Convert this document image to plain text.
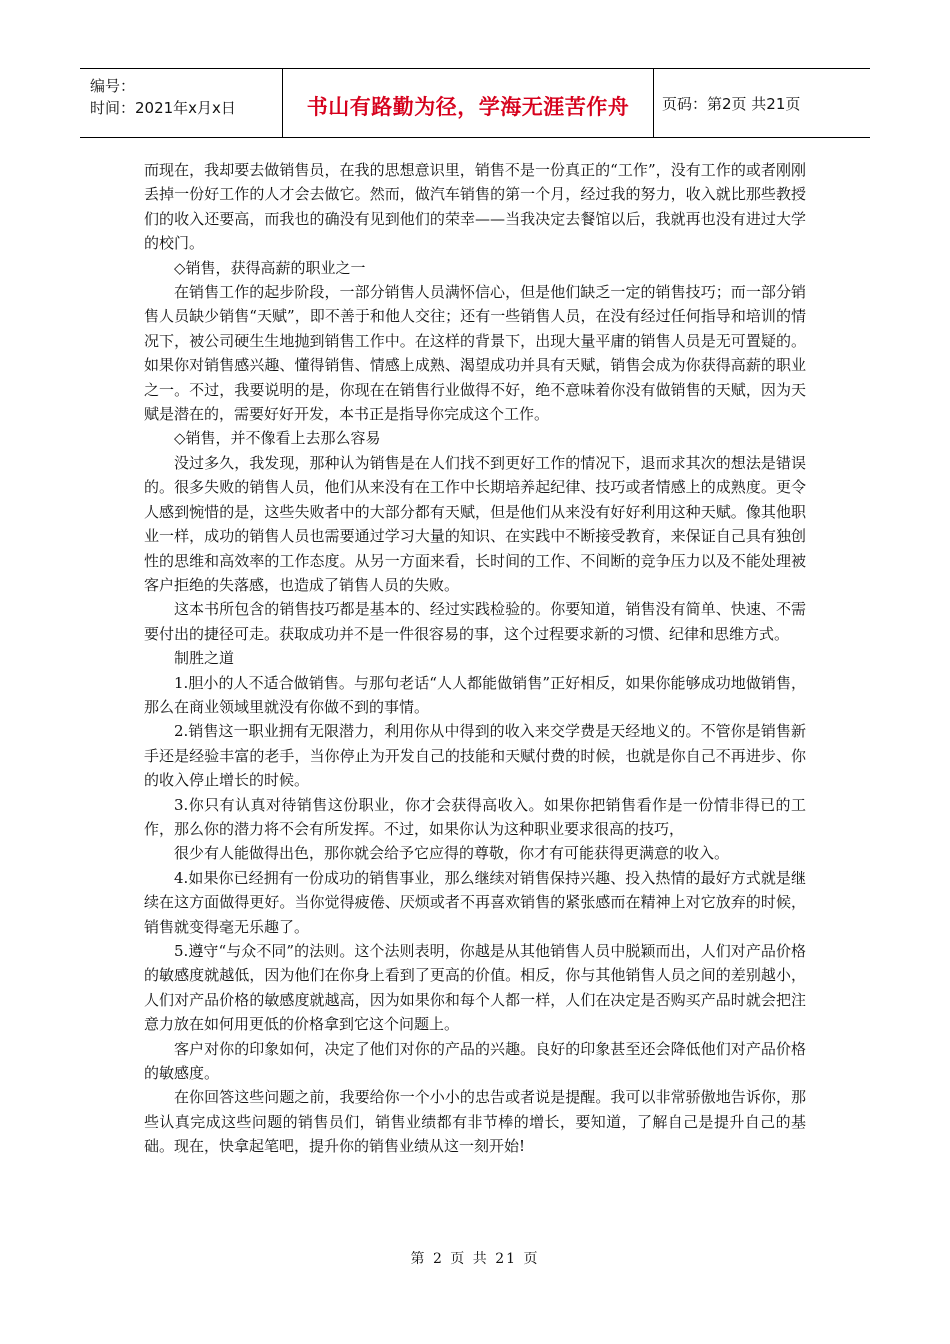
编号：
时间：2021年x月x日	书山有路勤为径，学海无涯苦作舟	页码：第2页 共21页

而现在，我却要去做销售员，在我的思想意识里，销售不是一份真正的“工作”，没有工作的或者刚刚丢掉一份好工作的人才会去做它。然而，做汽车销售的第一个月，经过我的努力，收入就比那些教授们的收入还要高，而我也的确没有见到他们的荣幸——当我决定去餐馆以后，我就再也没有进过大学的校门。

◇销售，获得高薪的职业之一

在销售工作的起步阶段，一部分销售人员满怀信心，但是他们缺乏一定的销售技巧；而一部分销售人员缺少销售“天赋”，即不善于和他人交往；还有一些销售人员，在没有经过任何指导和培训的情况下，被公司硬生生地抛到销售工作中。在这样的背景下，出现大量平庸的销售人员是无可置疑的。如果你对销售感兴趣、懂得销售、情感上成熟、渴望成功并具有天赋，销售会成为你获得高薪的职业之一。不过，我要说明的是，你现在在销售行业做得不好，绝不意味着你没有做销售的天赋，因为天赋是潜在的，需要好好开发，本书正是指导你完成这个工作。

◇销售，并不像看上去那么容易

没过多久，我发现，那种认为销售是在人们找不到更好工作的情况下，退而求其次的想法是错误的。很多失败的销售人员，他们从来没有在工作中长期培养起纪律、技巧或者情感上的成熟度。更令人感到惋惜的是，这些失败者中的大部分都有天赋，但是他们从来没有好好利用这种天赋。像其他职业一样，成功的销售人员也需要通过学习大量的知识、在实践中不断接受教育，来保证自己具有独创性的思维和高效率的工作态度。从另一方面来看，长时间的工作、不间断的竞争压力以及不能处理被客户拒绝的失落感，也造成了销售人员的失败。

这本书所包含的销售技巧都是基本的、经过实践检验的。你要知道，销售没有简单、快速、不需要付出的捷径可走。获取成功并不是一件很容易的事，这个过程要求新的习惯、纪律和思维方式。

制胜之道

1.胆小的人不适合做销售。与那句老话“人人都能做销售”正好相反，如果你能够成功地做销售，那么在商业领域里就没有你做不到的事情。

2.销售这一职业拥有无限潜力，利用你从中得到的收入来交学费是天经地义的。不管你是销售新手还是经验丰富的老手，当你停止为开发自己的技能和天赋付费的时候，也就是你自己不再进步、你的收入停止增长的时候。

3.你只有认真对待销售这份职业，你才会获得高收入。如果你把销售看作是一份情非得已的工作，那么你的潜力将不会有所发挥。不过，如果你认为这种职业要求很高的技巧，

很少有人能做得出色，那你就会给予它应得的尊敬，你才有可能获得更满意的收入。

4.如果你已经拥有一份成功的销售事业，那么继续对销售保持兴趣、投入热情的最好方式就是继续在这方面做得更好。当你觉得疲倦、厌烦或者不再喜欢销售的紧张感而在精神上对它放弃的时候，销售就变得毫无乐趣了。

5.遵守“与众不同”的法则。这个法则表明，你越是从其他销售人员中脱颖而出，人们对产品价格的敏感度就越低，因为他们在你身上看到了更高的价值。相反，你与其他销售人员之间的差别越小，人们对产品价格的敏感度就越高，因为如果你和每个人都一样，人们在决定是否购买产品时就会把注意力放在如何用更低的价格拿到它这个问题上。

客户对你的印象如何，决定了他们对你的产品的兴趣。良好的印象甚至还会降低他们对产品价格的敏感度。

在你回答这些问题之前，我要给你一个小小的忠告或者说是提醒。我可以非常骄傲地告诉你，那些认真完成这些问题的销售员们，销售业绩都有非节棒的增长，要知道，了解自己是提升自己的基础。现在，快拿起笔吧，提升你的销售业绩从这一刻开始!

第 2 页 共 21 页
